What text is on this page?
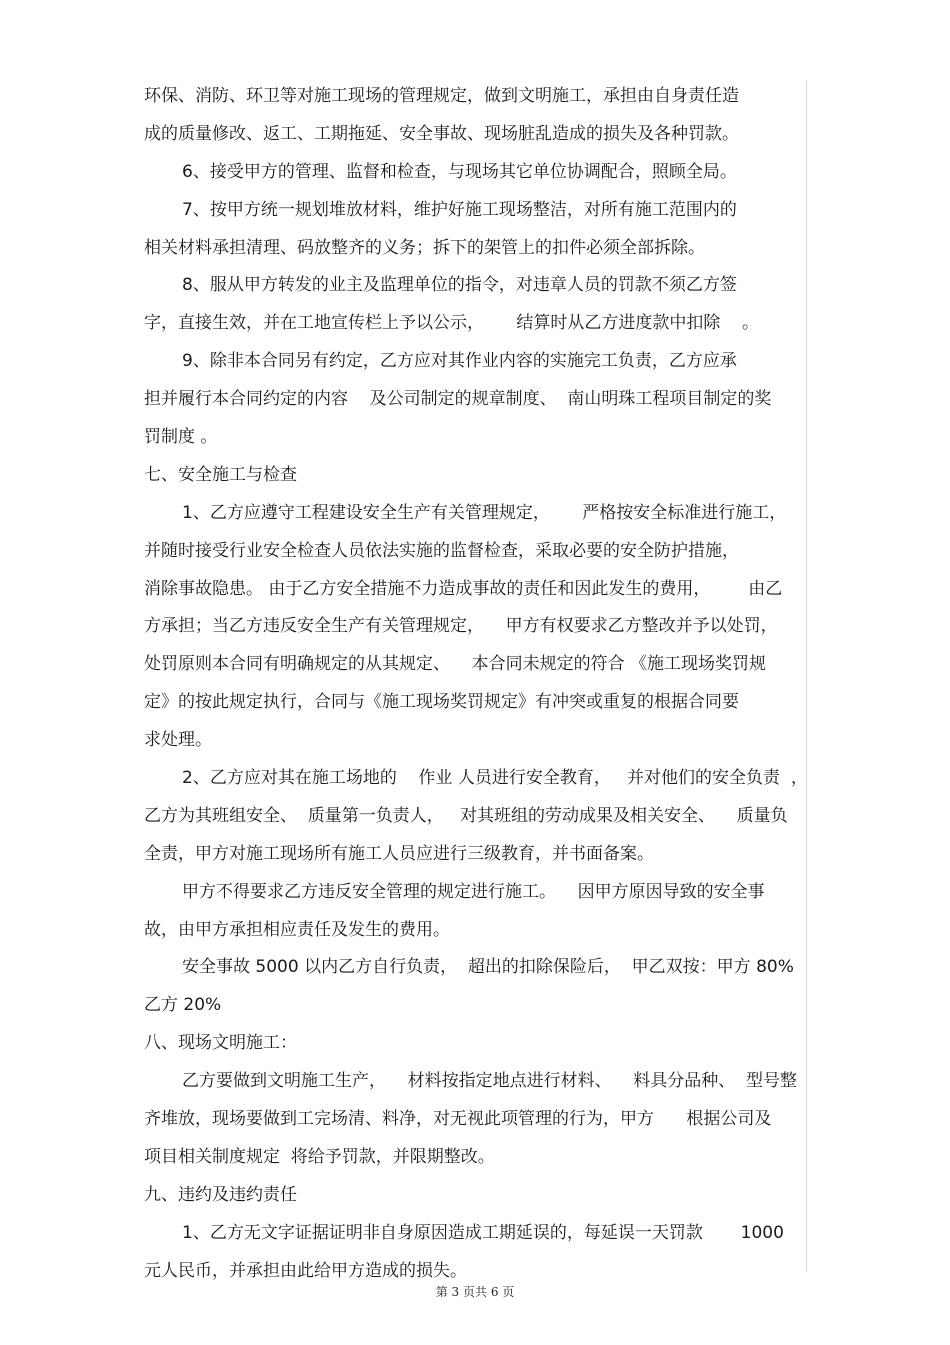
环保、消防、环卫等对施工现场的管理规定，做到文明施工，承担由自身责任造
成的质量修改、返工、工期拖延、安全事故、现场脏乱造成的损失及各种罚款。
6、接受甲方的管理、监督和检查，与现场其它单位协调配合，照顾全局。
7、按甲方统一规划堆放材料，维护好施工现场整洁，对所有施工范围内的
相关材料承担清理、码放整齐的义务；拆下的架管上的扣件必须全部拆除。
8、服从甲方转发的业主及监理单位的指令，对违章人员的罚款不须乙方签
字，直接生效，并在工地宣传栏上予以公示，      结算时从乙方进度款中扣除    。
9、除非本合同另有约定，乙方应对其作业内容的实施完工负责，乙方应承
担并履行本合同约定的内容    及公司制定的规章制度、  南山明珠工程项目制定的奖
罚制度 。
七、安全施工与检查
1、乙方应遵守工程建设安全生产有关管理规定，      严格按安全标准进行施工，
并随时接受行业安全检查人员依法实施的监督检查，采取必要的安全防护措施，
消除事故隐患。 由于乙方安全措施不力造成事故的责任和因此发生的费用，       由乙
方承担；当乙方违反安全生产有关管理规定，    甲方有权要求乙方整改并予以处罚，
处罚原则本合同有明确规定的从其规定、    本合同未规定的符合 《施工现场奖罚规
定》的按此规定执行，合同与《施工现场奖罚规定》有冲突或重复的根据合同要
求处理。
2、乙方应对其在施工场地的    作业 人员进行安全教育，   并对他们的安全负责  ，
乙方为其班组安全、  质量第一负责人，   对其班组的劳动成果及相关安全、    质量负
全责，甲方对施工现场所有施工人员应进行三级教育，并书面备案。
甲方不得要求乙方违反安全管理的规定进行施工。    因甲方原因导致的安全事
故，由甲方承担相应责任及发生的费用。
安全事故 5000 以内乙方自行负责，  超出的扣除保险后，  甲乙双按：甲方 80%
乙方 20%
八、现场文明施工：
乙方要做到文明施工生产，    材料按指定地点进行材料、    料具分品种、  型号整
齐堆放，现场要做到工完场清、料净，对无视此项管理的行为，甲方      根据公司及
项目相关制度规定  将给予罚款，并限期整改。
九、违约及违约责任
1、乙方无文字证据证明非自身原因造成工期延误的，每延误一天罚款       1000
元人民币，并承担由此给甲方造成的损失。
第 3 页共 6 页
